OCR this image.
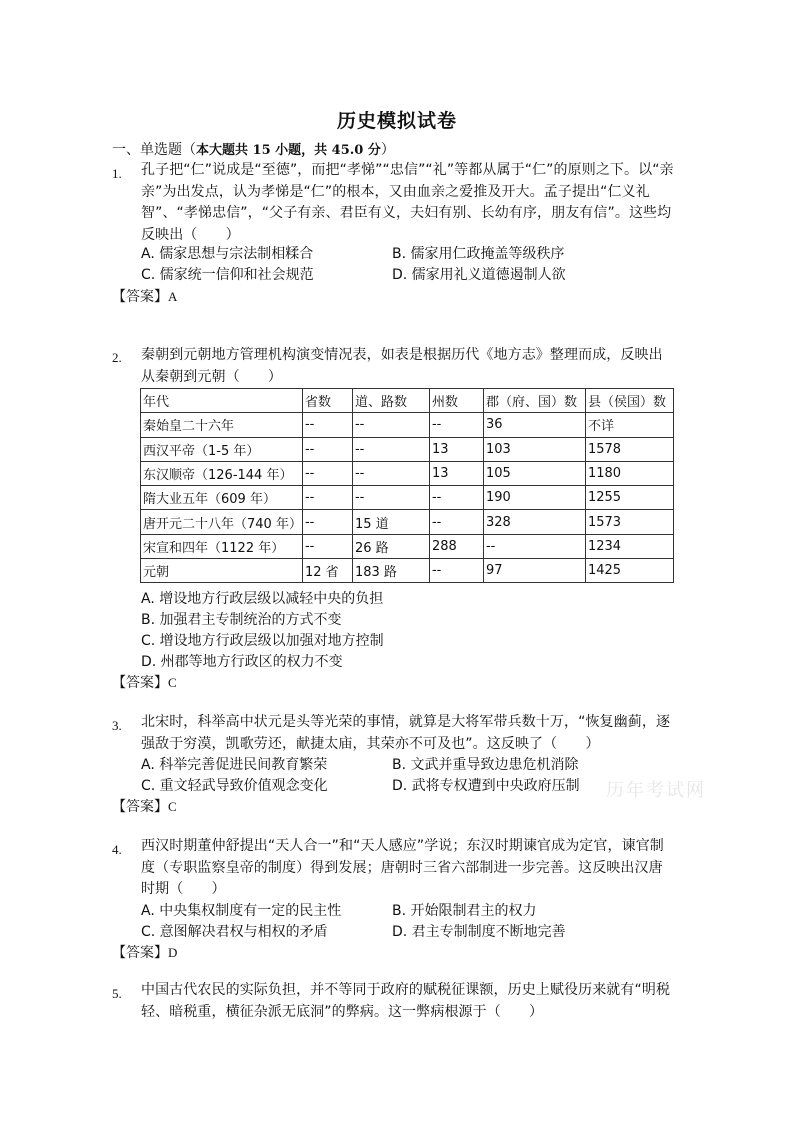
历史模拟试卷
一、单选题（本大题共 15 小题，共 45.0 分）
1. 孔子把“仁”说成是“至德”，而把“孝悌”“忠信”“礼”等都从属于“仁”的原则之下。以“亲亲”为出发点，认为孝悌是“仁”的根本，又由血亲之爱推及开大。孟子提出“仁义礼智”、“孝悌忠信”，“父子有亲、君臣有义，夫妇有别、长幼有序，朋友有信”。这些均反映出（　　）
A. 儒家思想与宗法制相糅合	B. 儒家用仁政掩盖等级秩序
C. 儒家统一信仰和社会规范	D. 儒家用礼义道德遏制人欲
【答案】A
2. 秦朝到元朝地方管理机构演变情况表，如表是根据历代《地方志》整理而成，反映出从秦朝到元朝（　　）
年代	省数	道、路数	州数	郡（府、国）数	县（侯国）数
秦始皇二十六年	--	--	--	36	不详
西汉平帝（1-5 年）	--	--	13	103	1578
东汉顺帝（126-144 年）	--	--	13	105	1180
隋大业五年（609 年）	--	--	--	190	1255
唐开元二十八年（740 年）	--	15 道	--	328	1573
宋宣和四年（1122 年）	--	26 路	288	--	1234
元朝	12 省	183 路	--	97	1425
A. 增设地方行政层级以减轻中央的负担
B. 加强君主专制统治的方式不变
C. 增设地方行政层级以加强对地方控制
D. 州郡等地方行政区的权力不变
【答案】C
3. 北宋时，科举高中状元是头等光荣的事情，就算是大将军带兵数十万，“恢复幽蓟，逐强敌于穷漠，凯歌劳还，献捷太庙，其荣亦不可及也”。这反映了（　　）
A. 科举完善促进民间教育繁荣	B. 文武并重导致边患危机消除
C. 重文轻武导致价值观念变化	D. 武将专权遭到中央政府压制
【答案】C
历年考试网
4. 西汉时期董仲舒提出“天人合一”和“天人感应”学说；东汉时期谏官成为定官，谏官制度（专职监察皇帝的制度）得到发展；唐朝时三省六部制进一步完善。这反映出汉唐时期（　　）
A. 中央集权制度有一定的民主性	B. 开始限制君主的权力
C. 意图解决君权与相权的矛盾	D. 君主专制制度不断地完善
【答案】D
5. 中国古代农民的实际负担，并不等同于政府的赋税征课额，历史上赋役历来就有“明税轻、暗税重，横征杂派无底洞”的弊病。这一弊病根源于（　　）
